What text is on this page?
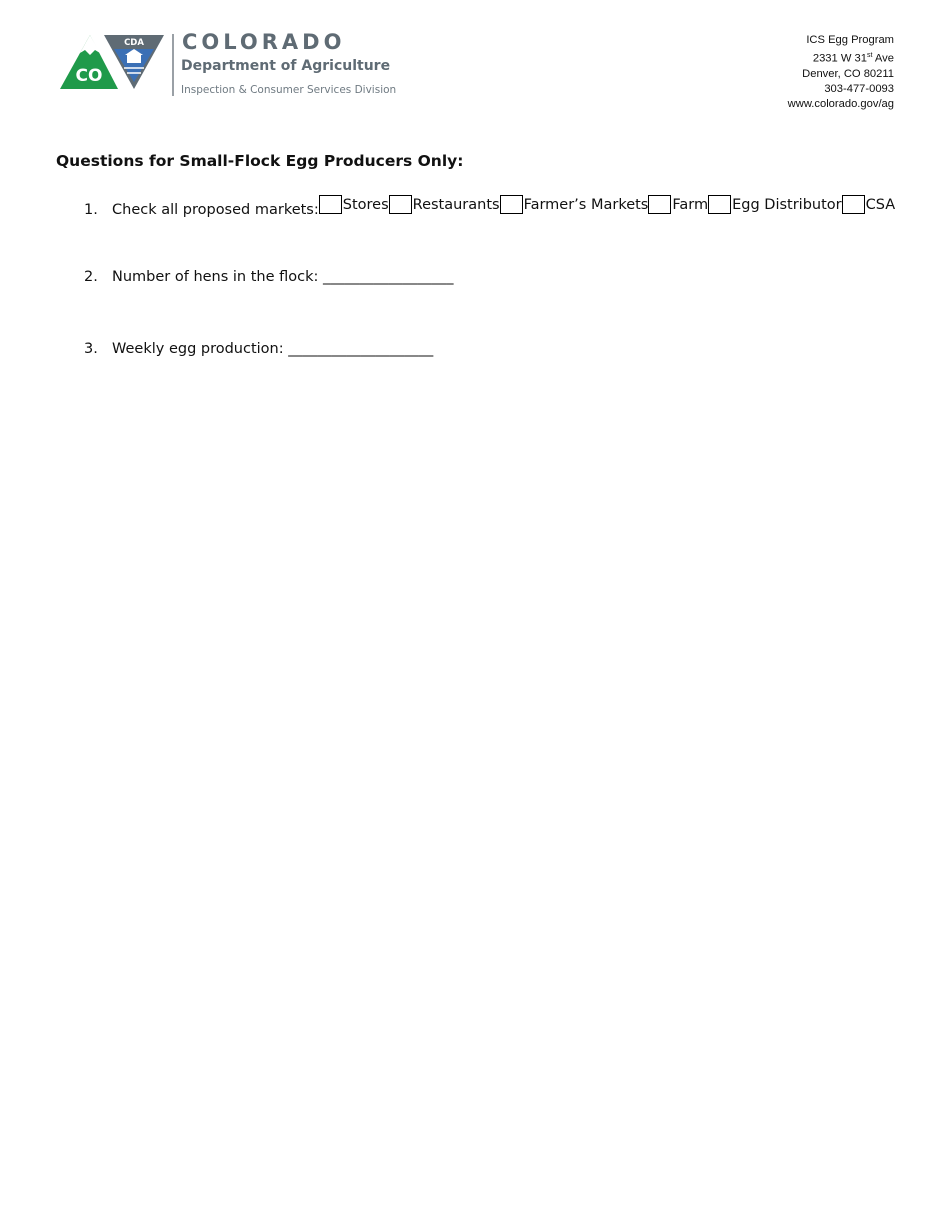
CO
CDA COLORADO
Department of Agriculture
Inspection & Consumer Services Division
ICS Egg Program
2331 W 31st Ave
Denver, CO 80211
303-477-0093
www.colorado.gov/ag
Questions for Small-Flock Egg Producers Only:
1. Check all proposed markets: Stores Restaurants Farmer’s Markets Farm Egg Distributor CSA
2. Number of hens in the flock: __________________
3. Weekly egg production: ____________________
